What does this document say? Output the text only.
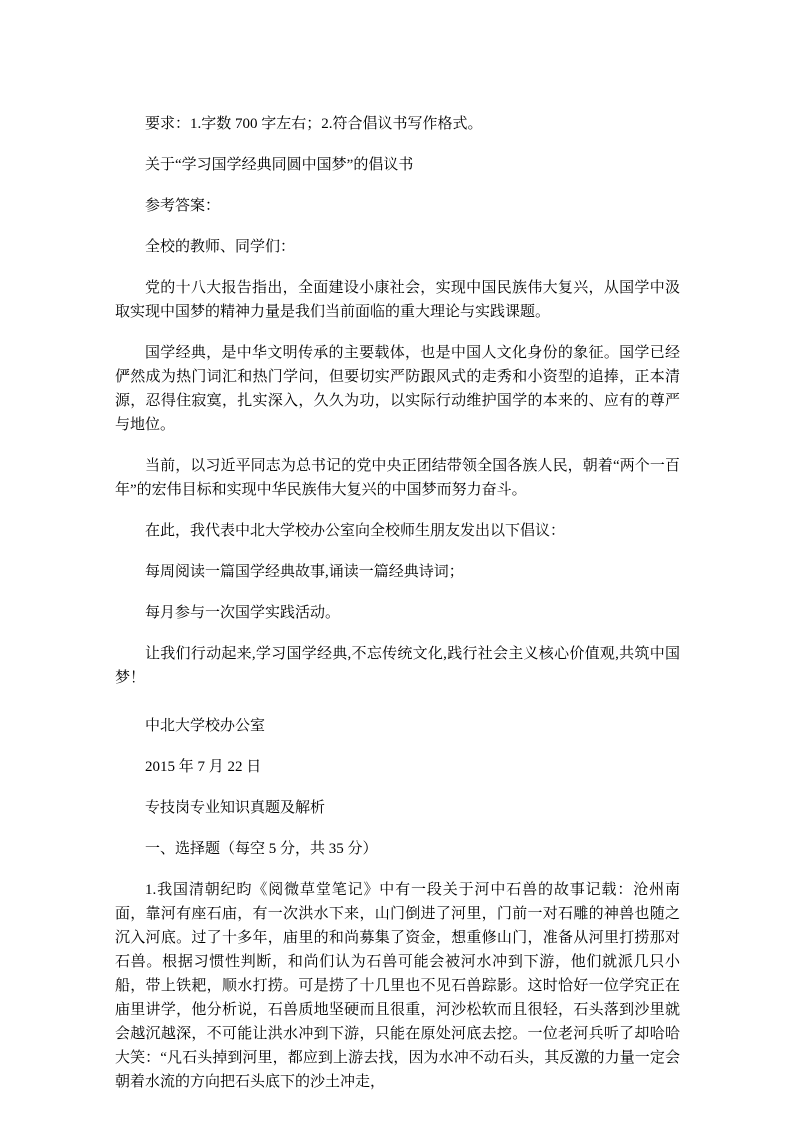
要求：1.字数 700 字左右；2.符合倡议书写作格式。

关于“学习国学经典同圆中国梦”的倡议书

参考答案：

全校的教师、同学们：

党的十八大报告指出，全面建设小康社会，实现中国民族伟大复兴，从国学中汲取实现中国梦的精神力量是我们当前面临的重大理论与实践课题。

国学经典，是中华文明传承的主要载体，也是中国人文化身份的象征。国学已经俨然成为热门词汇和热门学问，但要切实严防跟风式的走秀和小资型的追捧，正本清源，忍得住寂寞，扎实深入，久久为功，以实际行动维护国学的本来的、应有的尊严与地位。

当前，以习近平同志为总书记的党中央正团结带领全国各族人民，朝着“两个一百年”的宏伟目标和实现中华民族伟大复兴的中国梦而努力奋斗。

在此，我代表中北大学校办公室向全校师生朋友发出以下倡议：

每周阅读一篇国学经典故事,诵读一篇经典诗词；

每月参与一次国学实践活动。

让我们行动起来,学习国学经典,不忘传统文化,践行社会主义核心价值观,共筑中国梦！

中北大学校办公室

2015 年 7 月 22 日

专技岗专业知识真题及解析

一、选择题（每空 5 分，共 35 分）

1.我国清朝纪昀《阅微草堂笔记》中有一段关于河中石兽的故事记载：沧州南面，靠河有座石庙，有一次洪水下来，山门倒进了河里，门前一对石雕的神兽也随之沉入河底。过了十多年，庙里的和尚募集了资金，想重修山门，准备从河里打捞那对石兽。根据习惯性判断，和尚们认为石兽可能会被河水冲到下游，他们就派几只小船，带上铁耙，顺水打捞。可是捞了十几里也不见石兽踪影。这时恰好一位学究正在庙里讲学，他分析说，石兽质地坚硬而且很重，河沙松软而且很轻，石头落到沙里就会越沉越深，不可能让洪水冲到下游，只能在原处河底去挖。一位老河兵听了却哈哈大笑：“凡石头掉到河里，都应到上游去找，因为水冲不动石头，其反激的力量一定会朝着水流的方向把石头底下的沙土冲走，
